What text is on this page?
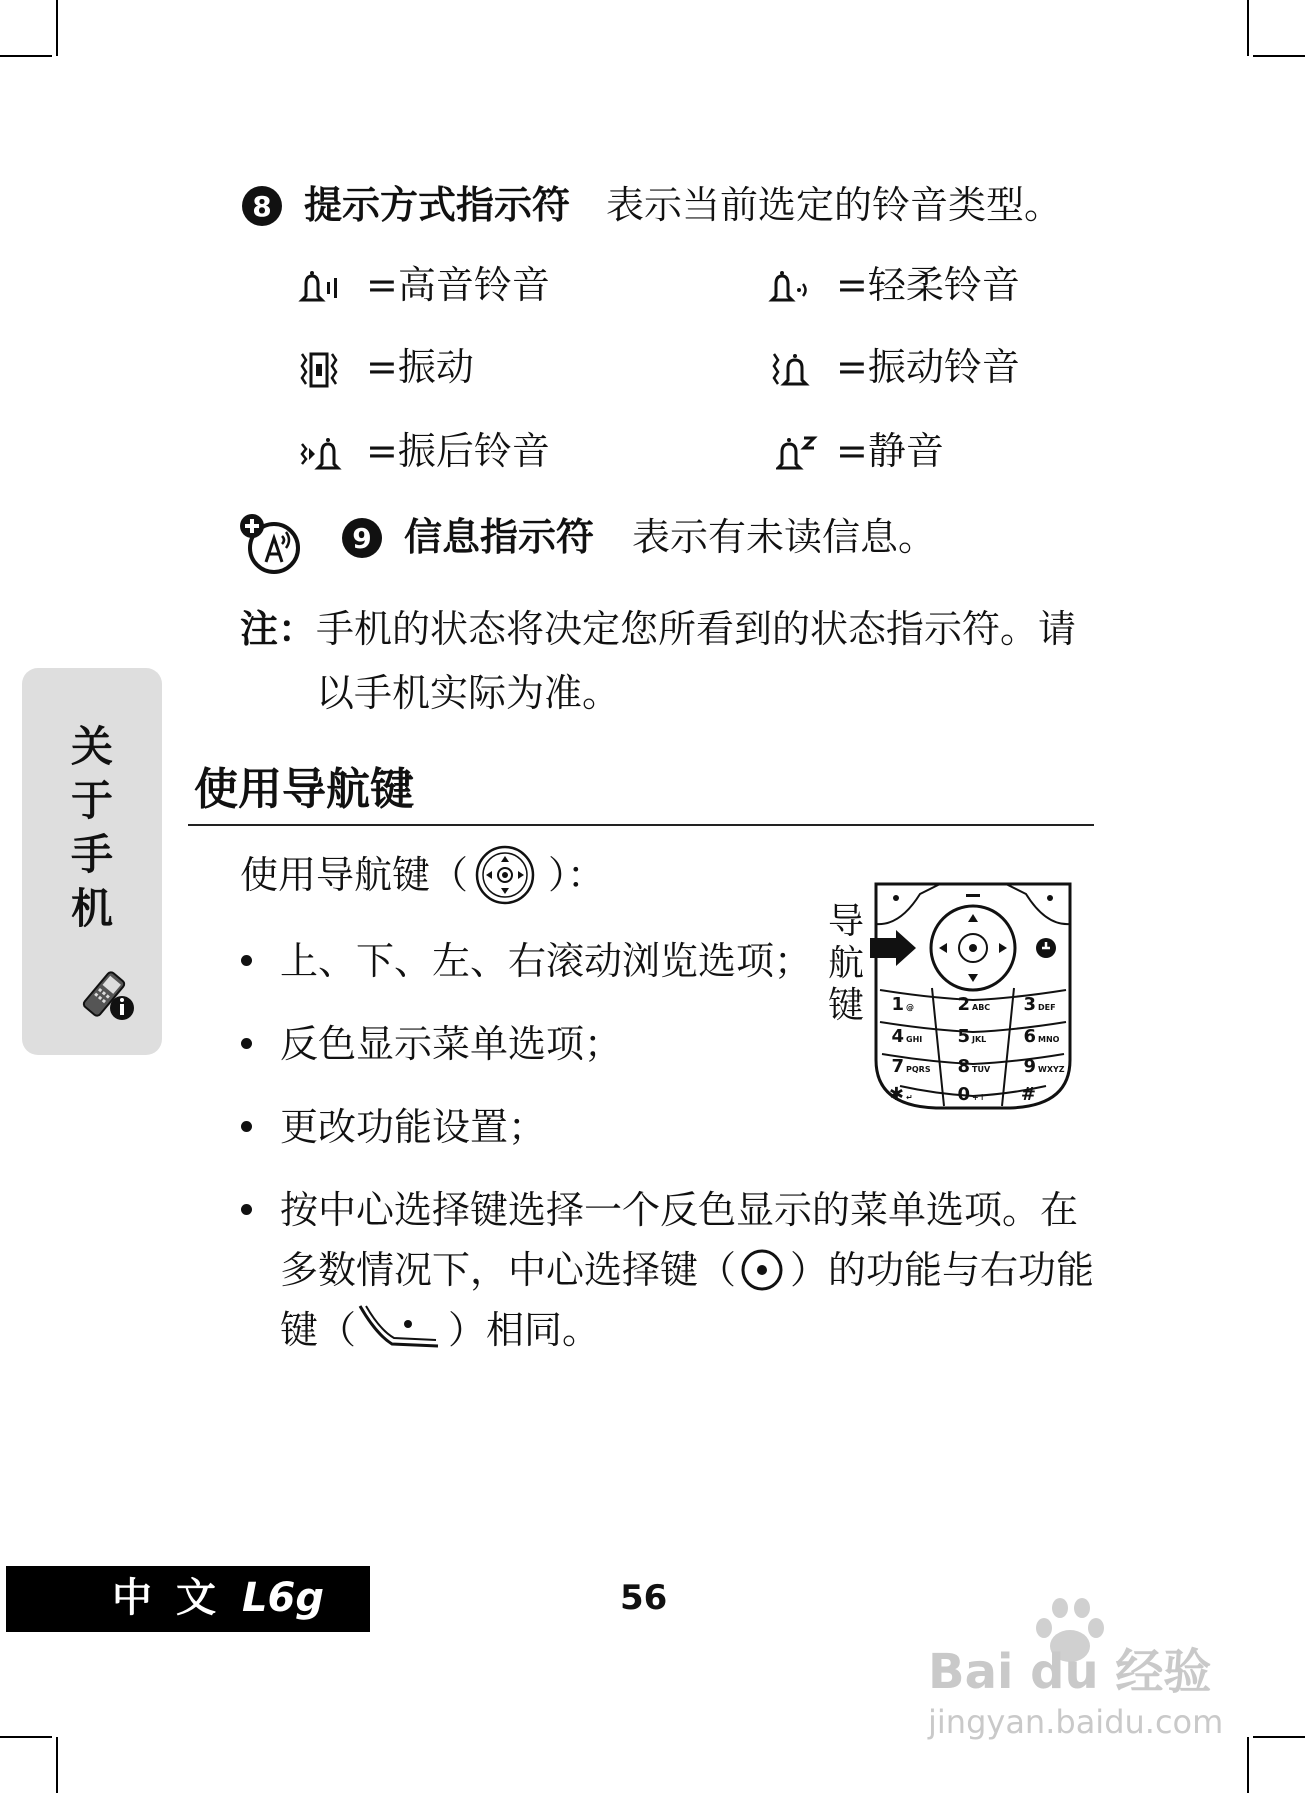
8 提示方式指示符 表示当前选定的铃音类型。
=高音铃音	=轻柔铃音
=振动	=振动铃音
=振后铃音	=静音
9 信息指示符 表示有未读信息。
注： 手机的状态将决定您所看到的状态指示符。请
以手机实际为准。
关
于
手
机
使用导航键
使用导航键（ ）：
导
航
键 1 @ 2 ABC 3 DEF
4 GHI 5 JKL 6 MNO
7 PQRS 8 TUV 9 WXYZ
✱ ↵ 0 +↑ #
上、下、左、右滚动浏览选项；
反色显示菜单选项；
更改功能设置；
按中心选择键选择一个反色显示的菜单选项。在
多数情况下，中心选择键（ ）的功能与右功能
键（ ）相同。
中 文 L6g	56
Bai du 经验
jingyan.baidu.com
